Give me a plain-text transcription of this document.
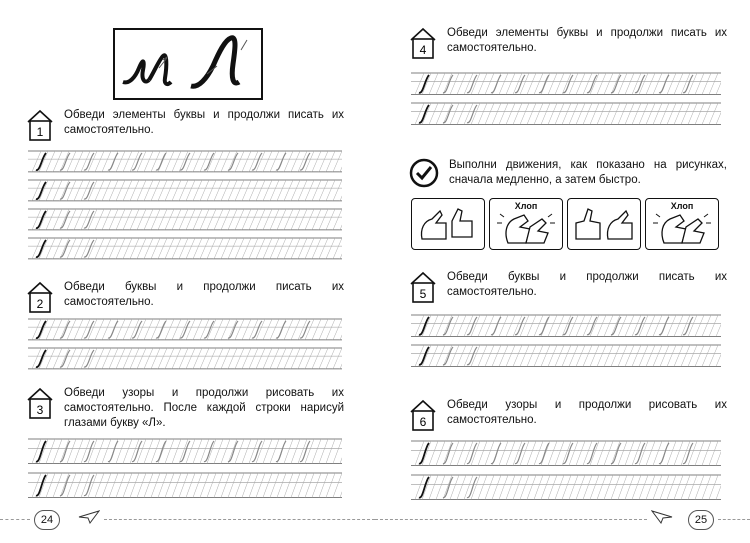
1
Обведи элементы буквы и продолжи писать их самостоятельно.
2
Обведи буквы и продолжи писать их самостоятельно.
3
Обведи узоры и продолжи рисовать их самостоятельно. После каждой строки нарисуй глазами букву «Л».
24
4
Обведи элементы буквы и продолжи писать их самостоятельно.
Выполни движения, как показано на рисунках, сначала медленно, а затем быстро.
Хлоп	Хлоп
5
Обведи буквы и продолжи писать их самостоятельно.
6
Обведи узоры и продолжи рисовать их самостоятельно.
25
